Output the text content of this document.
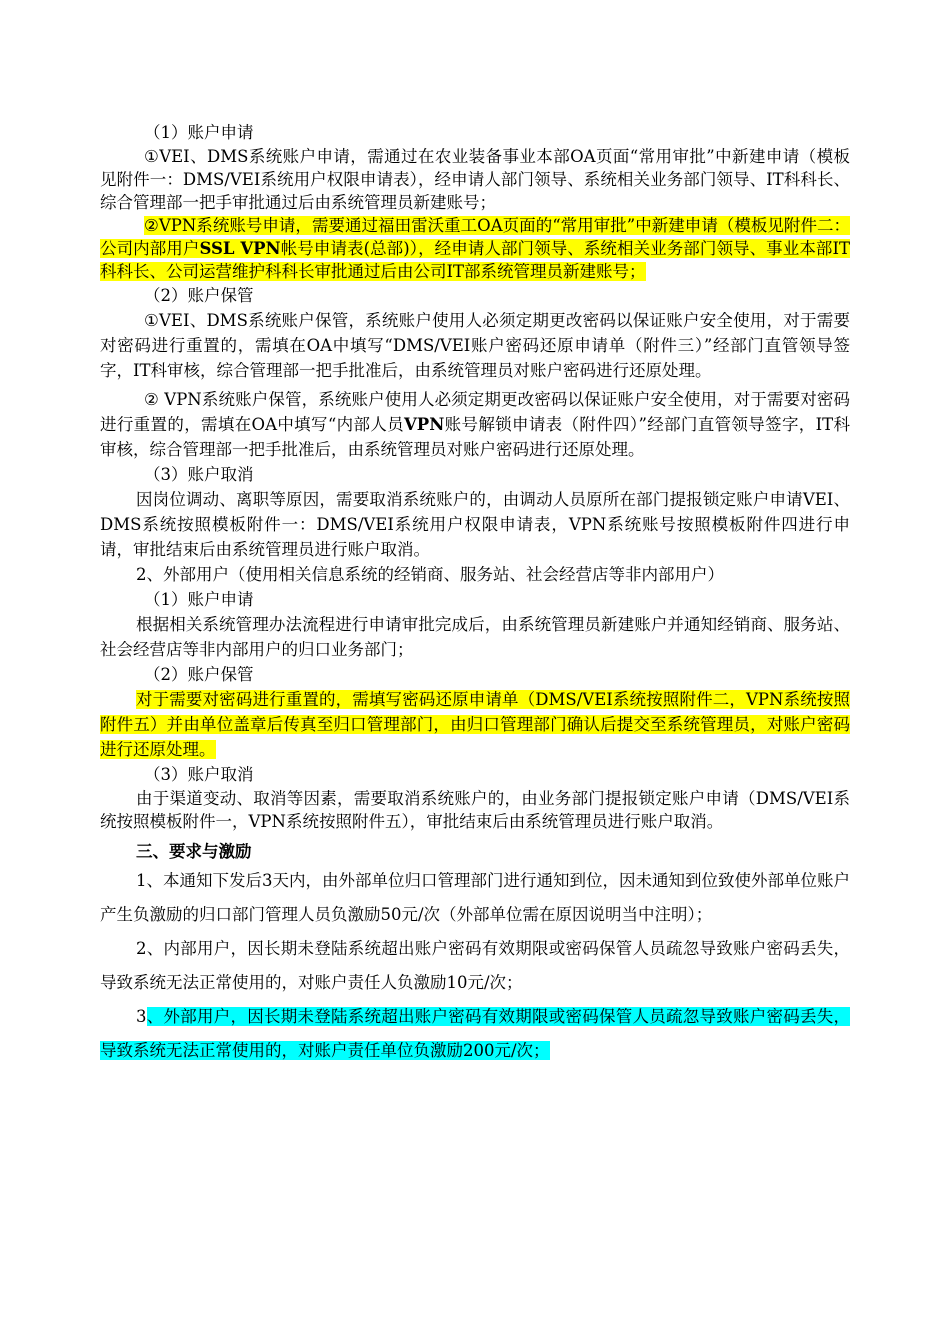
（1）账户申请

①VEI、DMS系统账户申请，需通过在农业装备事业本部OA页面“常用审批”中新建申请（模板见附件一：DMS/VEI系统用户权限申请表），经申请人部门领导、系统相关业务部门领导、IT科科长、综合管理部一把手审批通过后由系统管理员新建账号；

②VPN系统账号申请，需要通过福田雷沃重工OA页面的“常用审批”中新建申请（模板见附件二：公司内部用户SSL VPN帐号申请表(总部)），经申请人部门领导、系统相关业务部门领导、事业本部IT科科长、公司运营维护科科长审批通过后由公司IT部系统管理员新建账号；

（2）账户保管

①VEI、DMS系统账户保管，系统账户使用人必须定期更改密码以保证账户安全使用，对于需要对密码进行重置的，需填在OA中填写“DMS/VEI账户密码还原申请单（附件三）”经部门直管领导签字，IT科审核，综合管理部一把手批准后，由系统管理员对账户密码进行还原处理。

② VPN系统账户保管，系统账户使用人必须定期更改密码以保证账户安全使用，对于需要对密码进行重置的，需填在OA中填写“内部人员VPN账号解锁申请表（附件四）”经部门直管领导签字，IT科审核，综合管理部一把手批准后，由系统管理员对账户密码进行还原处理。

（3）账户取消

因岗位调动、离职等原因，需要取消系统账户的，由调动人员原所在部门提报锁定账户申请VEI、DMS系统按照模板附件一：DMS/VEI系统用户权限申请表，VPN系统账号按照模板附件四进行申请，审批结束后由系统管理员进行账户取消。

2、外部用户（使用相关信息系统的经销商、服务站、社会经营店等非内部用户）

（1）账户申请

根据相关系统管理办法流程进行申请审批完成后，由系统管理员新建账户并通知经销商、服务站、社会经营店等非内部用户的归口业务部门；

（2）账户保管

对于需要对密码进行重置的，需填写密码还原申请单（DMS/VEI系统按照附件二，VPN系统按照附件五）并由单位盖章后传真至归口管理部门，由归口管理部门确认后提交至系统管理员，对账户密码进行还原处理。

（3）账户取消

由于渠道变动、取消等因素，需要取消系统账户的，由业务部门提报锁定账户申请（DMS/VEI系统按照模板附件一，VPN系统按照附件五），审批结束后由系统管理员进行账户取消。

三、要求与激励

1、本通知下发后3天内，由外部单位归口管理部门进行通知到位，因未通知到位致使外部单位账户产生负激励的归口部门管理人员负激励50元/次（外部单位需在原因说明当中注明）；

2、内部用户，因长期未登陆系统超出账户密码有效期限或密码保管人员疏忽导致账户密码丢失，导致系统无法正常使用的，对账户责任人负激励10元/次；

3、外部用户，因长期未登陆系统超出账户密码有效期限或密码保管人员疏忽导致账户密码丢失，导致系统无法正常使用的，对账户责任单位负激励200元/次；
